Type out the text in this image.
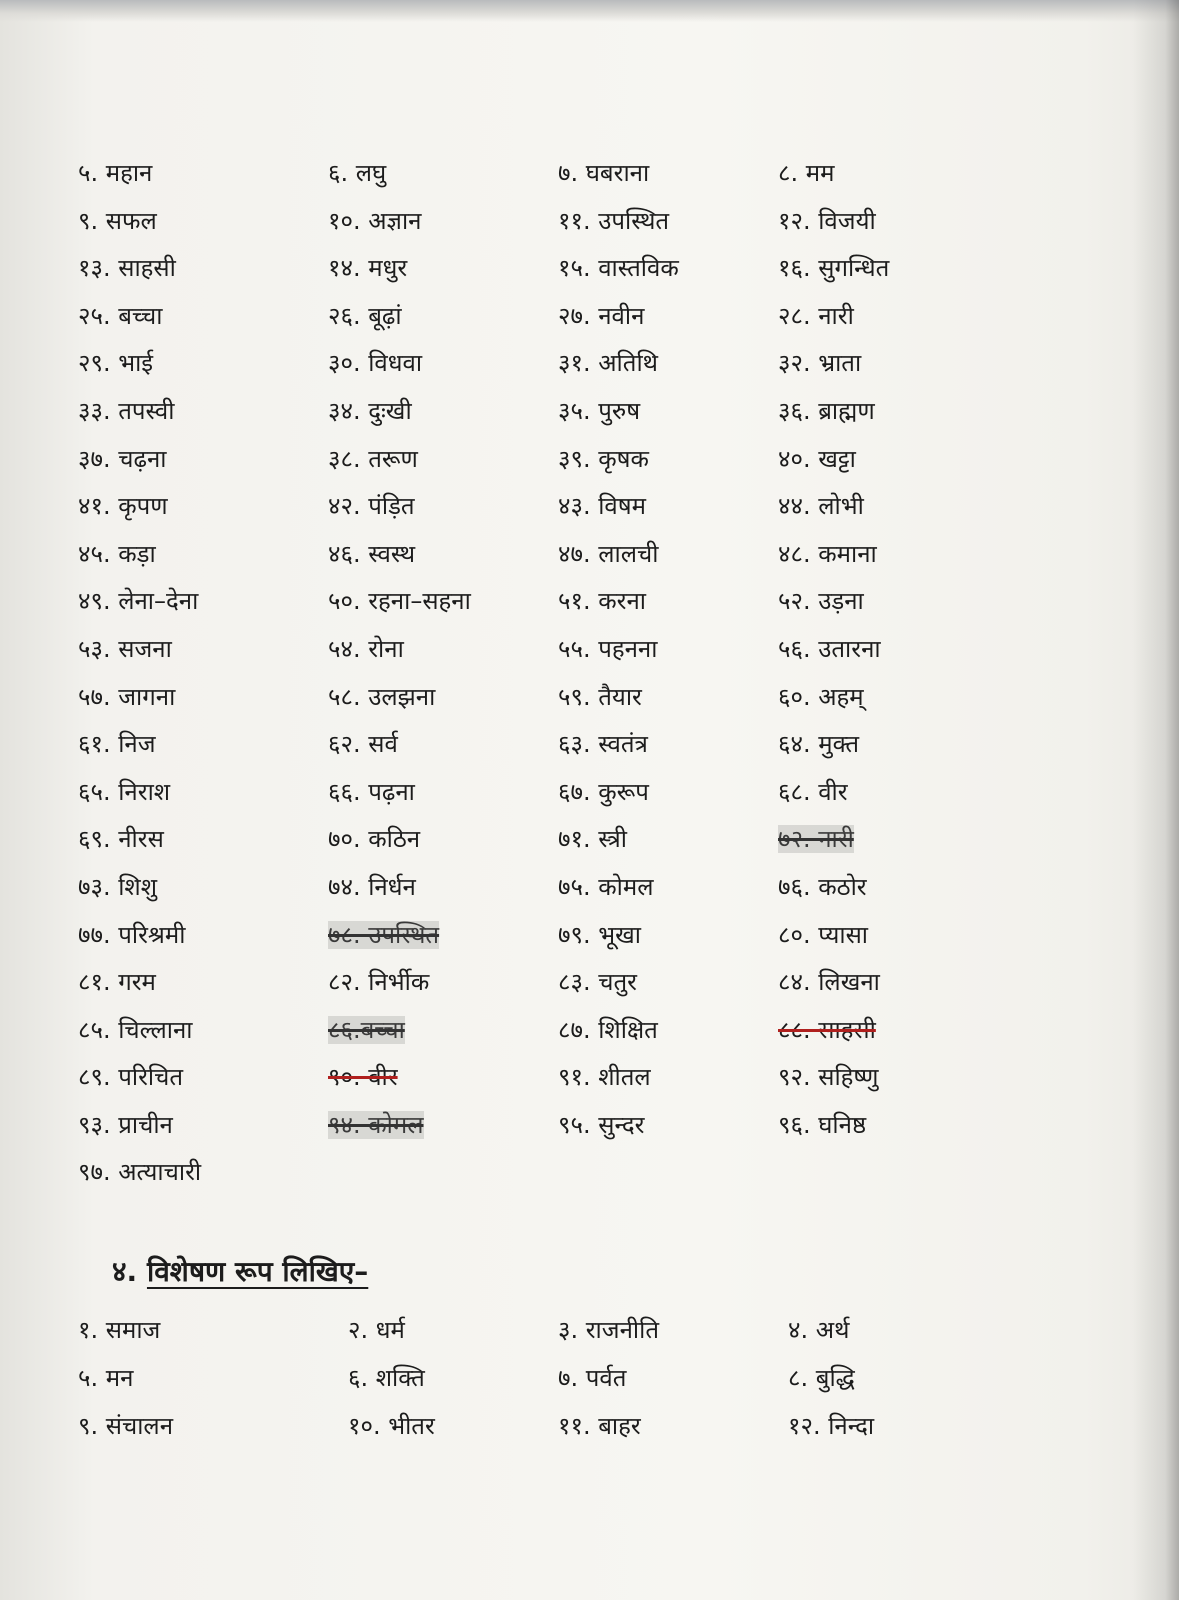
५. महान	६. लघु	७. घबराना	८. मम
९. सफल	१०. अज्ञान	११. उपस्थित	१२. विजयी
१३. साहसी	१४. मधुर	१५. वास्तविक	१६. सुगन्धित
२५. बच्चा	२६. बूढ़ां	२७. नवीन	२८. नारी
२९. भाई	३०. विधवा	३१. अतिथि	३२. भ्राता
३३. तपस्वी	३४. दुःखी	३५. पुरुष	३६. ब्राह्मण
३७. चढ़ना	३८. तरूण	३९. कृषक	४०. खट्टा
४१. कृपण	४२. पंड़ित	४३. विषम	४४. लोभी
४५. कड़ा	४६. स्वस्थ	४७. लालची	४८. कमाना
४९. लेना–देना	५०. रहना–सहना	५१. करना	५२. उड़ना
५३. सजना	५४. रोना	५५. पहनना	५६. उतारना
५७. जागना	५८. उलझना	५९. तैयार	६०. अहम्
६१. निज	६२. सर्व	६३. स्वतंत्र	६४. मुक्त
६५. निराश	६६. पढ़ना	६७. कुरूप	६८. वीर
६९. नीरस	७०. कठिन	७१. स्त्री	७२. नारी
७३. शिशु	७४. निर्धन	७५. कोमल	७६. कठोर
७७. परिश्रमी	७८. उपस्थित	७९. भूखा	८०. प्यासा
८१. गरम	८२. निर्भीक	८३. चतुर	८४. लिखना
८५. चिल्लाना	८६.बच्चा	८७. शिक्षित	८८. साहसी
८९. परिचित	९०. वीर	९१. शीतल	९२. सहिष्णु
९३. प्राचीन	९४. कोमल	९५. सुन्दर	९६. घनिष्ठ
९७. अत्याचारी
४. विशेषण रूप लिखिए–
१. समाज	२. धर्म	३. राजनीति	४. अर्थ
५. मन	६. शक्ति	७. पर्वत	८. बुद्धि
९. संचालन	१०. भीतर	११. बाहर	१२. निन्दा
